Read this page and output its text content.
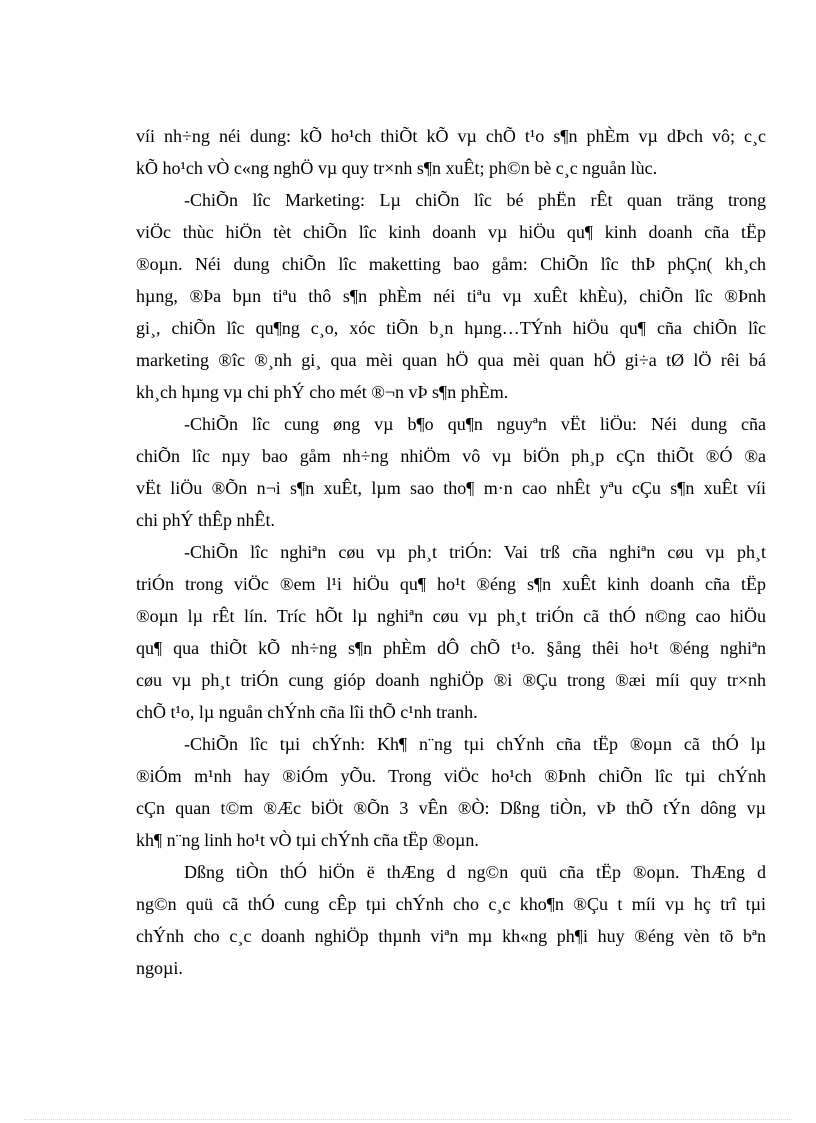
víi nh÷ng néi dung: kÕ ho¹ch thiÕt kÕ vµ chÕ t¹o s¶n phÈm vµ dÞch vô; c¸c
kÕ ho¹ch vÒ c«ng nghÖ vµ quy tr×nh s¶n xuÊt; ph©n bè c¸c nguån lùc.
-ChiÕn lîc Marketing: Lµ chiÕn lîc bé phËn rÊt quan träng trong
viÖc thùc hiÖn tèt chiÕn lîc kinh doanh vµ hiÖu qu¶ kinh doanh cña tËp
®oµn. Néi dung chiÕn lîc maketting bao gåm: ChiÕn lîc thÞ phÇn( kh¸ch
hµng, ®Þa bµn tiªu thô s¶n phÈm néi tiªu vµ xuÊt khÈu), chiÕn lîc ®Þnh
gi¸, chiÕn lîc qu¶ng c¸o, xóc tiÕn b¸n hµng…TÝnh hiÖu qu¶ cña chiÕn lîc
marketing ®îc ®¸nh gi¸ qua mèi quan hÖ qua mèi quan hÖ gi÷a tØ lÖ rêi bá
kh¸ch hµng vµ chi phÝ cho mét ®¬n vÞ s¶n phÈm.
-ChiÕn lîc cung øng vµ b¶o qu¶n nguyªn vËt liÖu: Néi dung cña
chiÕn lîc nµy bao gåm nh÷ng nhiÖm vô vµ biÖn ph¸p cÇn thiÕt ®Ó ®a
vËt liÖu ®Õn n¬i s¶n xuÊt, lµm sao tho¶ m·n cao nhÊt yªu cÇu s¶n xuÊt víi
chi phÝ thÊp nhÊt.
-ChiÕn lîc nghiªn cøu vµ ph¸t triÓn: Vai trß cña nghiªn cøu vµ ph¸t
triÓn trong viÖc ®em l¹i hiÖu qu¶ ho¹t ®éng s¶n xuÊt kinh doanh cña tËp
®oµn lµ rÊt lín. Tríc hÕt lµ nghiªn cøu vµ ph¸t triÓn cã thÓ n©ng cao hiÖu
qu¶ qua thiÕt kÕ nh÷ng s¶n phÈm dÔ chÕ t¹o. §ång thêi ho¹t ®éng nghiªn
cøu vµ ph¸t triÓn cung gióp doanh nghiÖp ®i ®Çu trong ®æi míi quy tr×nh
chÕ t¹o, lµ nguån chÝnh cña lîi thÕ c¹nh tranh.
-ChiÕn lîc tµi chÝnh: Kh¶ n¨ng tµi chÝnh cña tËp ®oµn cã thÓ lµ
®iÓm m¹nh hay ®iÓm yÕu. Trong viÖc ho¹ch ®Þnh chiÕn lîc tµi chÝnh
cÇn quan t©m ®Æc biÖt ®Õn 3 vÊn ®Ò: Dßng tiÒn, vÞ thÕ tÝn dông vµ
kh¶ n¨ng linh ho¹t vÒ tµi chÝnh cña tËp ®oµn.
Dßng tiÒn thÓ hiÖn ë thÆng d ng©n quü cña tËp ®oµn. ThÆng d
ng©n quü cã thÓ cung cÊp tµi chÝnh cho c¸c kho¶n ®Çu t míi vµ hç trî tµi
chÝnh cho c¸c doanh nghiÖp thµnh viªn mµ kh«ng ph¶i huy ®éng vèn tõ bªn
ngoµi.
